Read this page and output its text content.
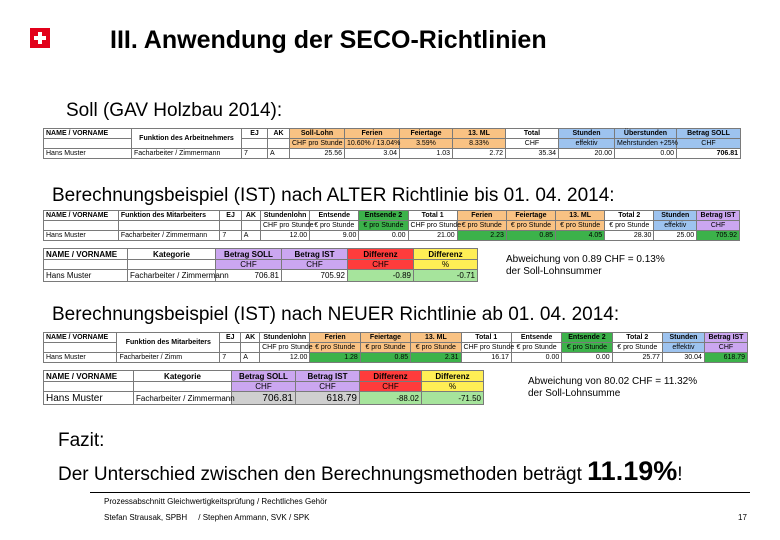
III. Anwendung der SECO-Richtlinien
Soll (GAV Holzbau 2014):
NAME / VORNAME	Funktion des Arbeitnehmers	EJ	AK	Soll-Lohn	Ferien	Feiertage	13. ML	Total	Stunden	Überstunden	Betrag SOLL
				CHF pro Stunde	10.60% / 13.04%	3.59%	8.33%	CHF	effektiv	Mehrstunden +25%	CHF
Hans Muster	Facharbeiter / Zimmermann	7	A	25.56	3.04	1.03	2.72	35.34	20.00	0.00	706.81
Berechnungsbeispiel (IST) nach ALTER Richtlinie bis 01. 04. 2014:
NAME / VORNAME	Funktion des Mitarbeiters	EJ	AK	Stundenlohn	Entsende	Entsende 2	Total 1	Ferien	Feiertage	13. ML	Total 2	Stunden	Betrag IST
				CHF pro Stunde	€ pro Stunde	€ pro Stunde	CHF pro Stunde	€ pro Stunde	€ pro Stunde	€ pro Stunde	€ pro Stunde	effektiv	CHF
Hans Muster	Facharbeiter / Zimmermann	7	A	12.00	9.00	0.00	21.00	2.23	0.85	4.05	28.30	25.00	705.92
NAME / VORNAME	Kategorie	Betrag SOLL	Betrag IST	Differenz	Differenz
		CHF	CHF	CHF	%
Hans Muster	Facharbeiter / Zimmermann	706.81	705.92	-0.89	-0.71
Abweichung von 0.89 CHF = 0.13% der Soll-Lohnsummer
Berechnungsbeispiel (IST) nach NEUER Richtlinie ab 01. 04. 2014:
NAME / VORNAME	Funktion des Mitarbeiters	EJ	AK	Stundenlohn	Ferien	Feiertage	13. ML	Total 1	Entsende	Entsende 2	Total 2	Stunden	Betrag IST
				CHF pro Stunde	€ pro Stunde	€ pro Stunde	€ pro Stunde	CHF pro Stunde	€ pro Stunde	€ pro Stunde	€ pro Stunde	effektiv	CHF
Hans Muster	Facharbeiter / Zimm	7	A	12.00	1.28	0.85	2.31	16.17	0.00	0.00	25.77	30.04	618.79
NAME / VORNAME	Kategorie	Betrag SOLL	Betrag IST	Differenz	Differenz
		CHF	CHF	CHF	%
Hans Muster	Facharbeiter / Zimmermann	706.81	618.79	-88.02	-71.50
Abweichung von 80.02 CHF = 11.32% der Soll-Lohnsumme
Fazit:
Der Unterschied zwischen den Berechnungsmethoden beträgt 11.19%!
Prozessabschnitt Gleichwertigkeitsprüfung / Rechtliches Gehör
Stefan Strausak, SPBH     / Stephen Ammann, SVK / SPK	17
